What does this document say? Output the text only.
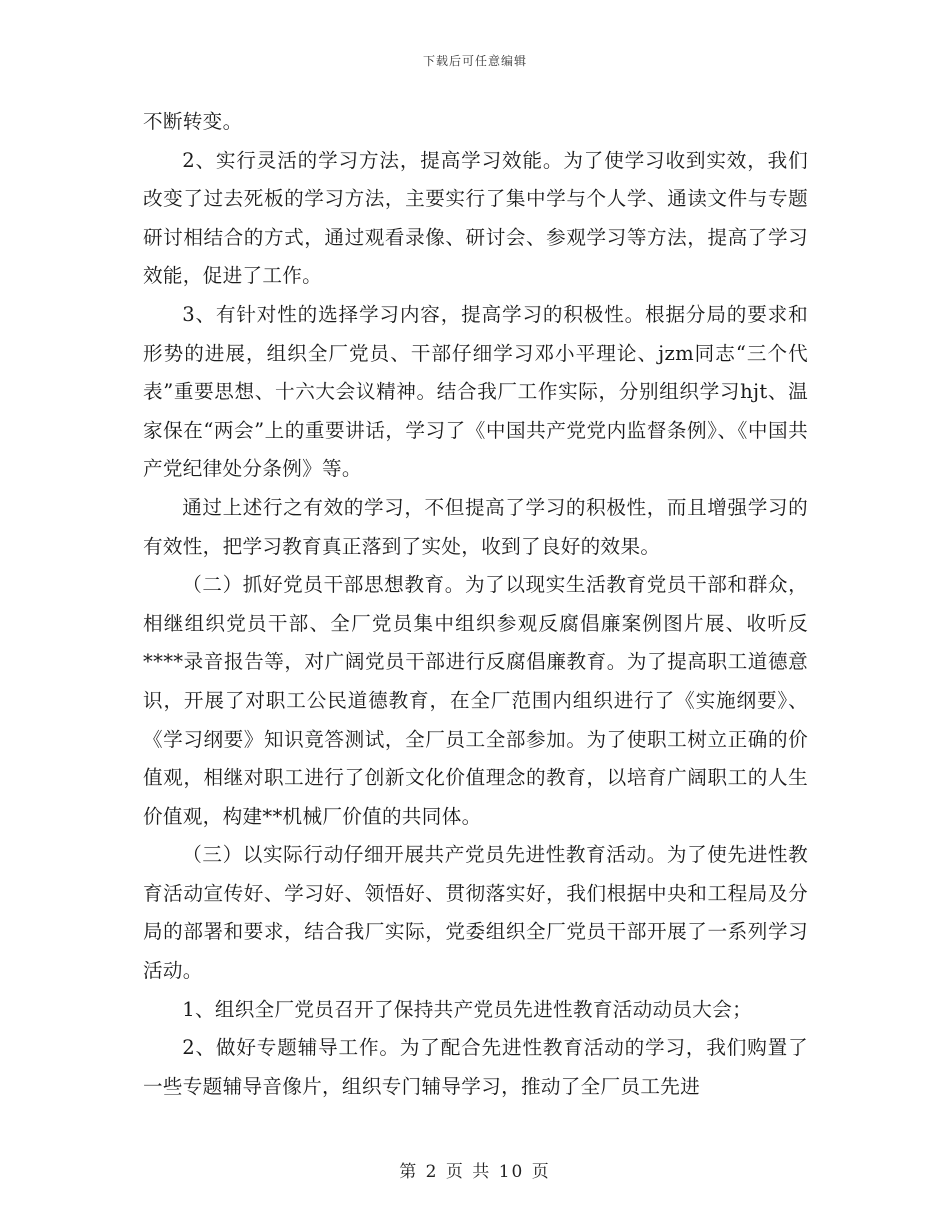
下载后可任意编辑

不断转变。

2、实行灵活的学习方法，提高学习效能。为了使学习收到实效，我们改变了过去死板的学习方法，主要实行了集中学与个人学、通读文件与专题研讨相结合的方式，通过观看录像、研讨会、参观学习等方法，提高了学习效能，促进了工作。

3、有针对性的选择学习内容，提高学习的积极性。根据分局的要求和形势的进展，组织全厂党员、干部仔细学习邓小平理论、jzm同志“三个代表”重要思想、十六大会议精神。结合我厂工作实际，分别组织学习hjt、温家保在“两会”上的重要讲话，学习了《中国共产党党内监督条例》、《中国共产党纪律处分条例》等。

通过上述行之有效的学习，不但提高了学习的积极性，而且增强学习的有效性，把学习教育真正落到了实处，收到了良好的效果。

（二）抓好党员干部思想教育。为了以现实生活教育党员干部和群众，相继组织党员干部、全厂党员集中组织参观反腐倡廉案例图片展、收听反****录音报告等，对广阔党员干部进行反腐倡廉教育。为了提高职工道德意识，开展了对职工公民道德教育，在全厂范围内组织进行了《实施纲要》、《学习纲要》知识竟答测试，全厂员工全部参加。为了使职工树立正确的价值观，相继对职工进行了创新文化价值理念的教育，以培育广阔职工的人生价值观，构建**机械厂价值的共同体。

（三）以实际行动仔细开展共产党员先进性教育活动。为了使先进性教育活动宣传好、学习好、领悟好、贯彻落实好，我们根据中央和工程局及分局的部署和要求，结合我厂实际，党委组织全厂党员干部开展了一系列学习活动。

1、组织全厂党员召开了保持共产党员先进性教育活动动员大会；

2、做好专题辅导工作。为了配合先进性教育活动的学习，我们购置了一些专题辅导音像片，组织专门辅导学习，推动了全厂员工先进

第 2 页 共 10 页
